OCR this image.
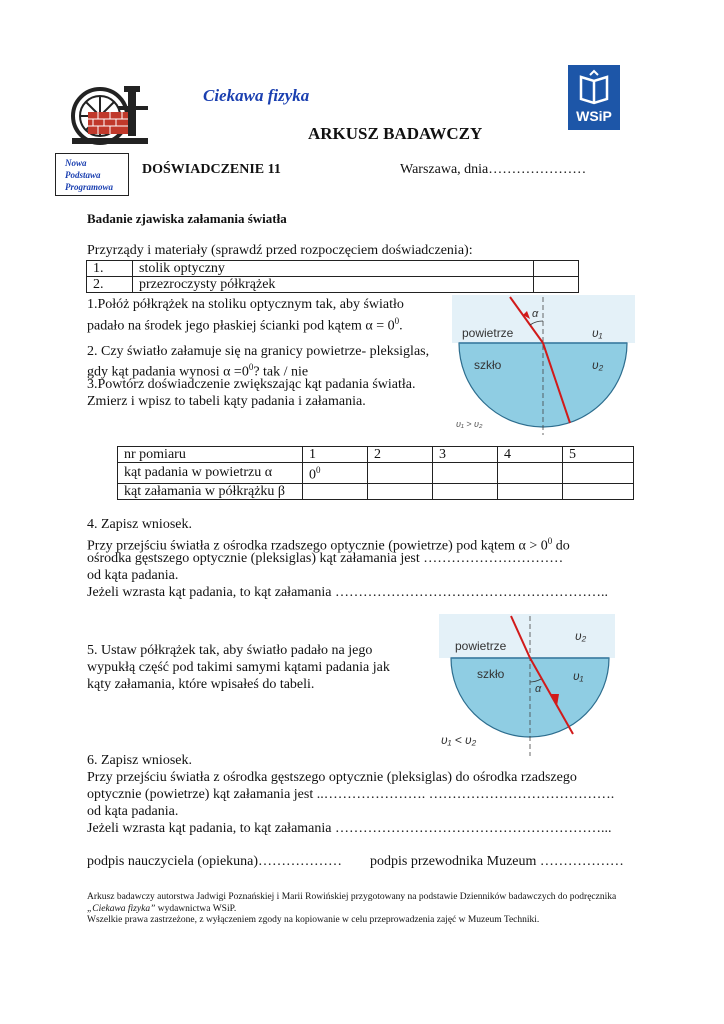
Ciekawa fizyka
ARKUSZ BADAWCZY
WSiP
Nowa
Podstawa
Programowa
DOŚWIADCZENIE 11	Warszawa, dnia…………………
Badanie zjawiska załamania światła
Przyrządy i materiały (sprawdź przed rozpoczęciem doświadczenia):
1.	stolik optyczny	
2.	przezroczysty półkrążek	
1.Połóż półkrążek na stoliku optycznym tak, aby światło
padało na środek jego płaskiej ścianki pod kątem $\alpha = 0^0$.
2. Czy światło załamuje się na granicy powietrze- pleksiglas,
gdy kąt padania wynosi $\alpha =0^0$? tak / nie
3.Powtórz doświadczenie zwiększając kąt padania światła.
Zmierz i wpisz to tabeli kąty padania i załamania.
α
powietrze	υ₁
szkło	υ₂
υ₁ > υ₂
nr pomiaru	1	2	3	4	5
kąt padania w powietrzu α	$0^0$				
kąt załamania w półkrążku β					
4. Zapisz wniosek.
Przy przejściu światła z ośrodka rzadszego optycznie (powietrze) pod kątem $\alpha > 0^0$ do
ośrodka gęstszego optycznie (pleksiglas) kąt załamania jest …………………………
od kąta padania.
Jeżeli wzrasta kąt padania, to kąt załamania …………………………………………………..
5. Ustaw półkrążek tak, aby światło padało na jego
wypukłą część pod takimi samymi kątami padania jak
kąty załamania, które wpisałeś do tabeli.	α
powietrze
υ₂
szkło	υ₁
υ₁ < υ₂
6. Zapisz wniosek.
Przy przejściu światła z ośrodka gęstszego optycznie (pleksiglas) do ośrodka rzadszego
optycznie (powietrze) kąt załamania jest ..…………………. ………………………………….
od kąta padania.
Jeżeli wzrasta kąt padania, to kąt załamania …………………………………………………...
podpis nauczyciela (opiekuna)……………… podpis przewodnika Muzeum ………………
Arkusz badawczy autorstwa Jadwigi Poznańskiej i Marii Rowińskiej przygotowany na podstawie Dzienników badawczych do podręcznika
„Ciekawa fizyka” wydawnictwa WSiP.
Wszelkie prawa zastrzeżone, z wyłączeniem zgody na kopiowanie w celu przeprowadzenia zajęć w Muzeum Techniki.
